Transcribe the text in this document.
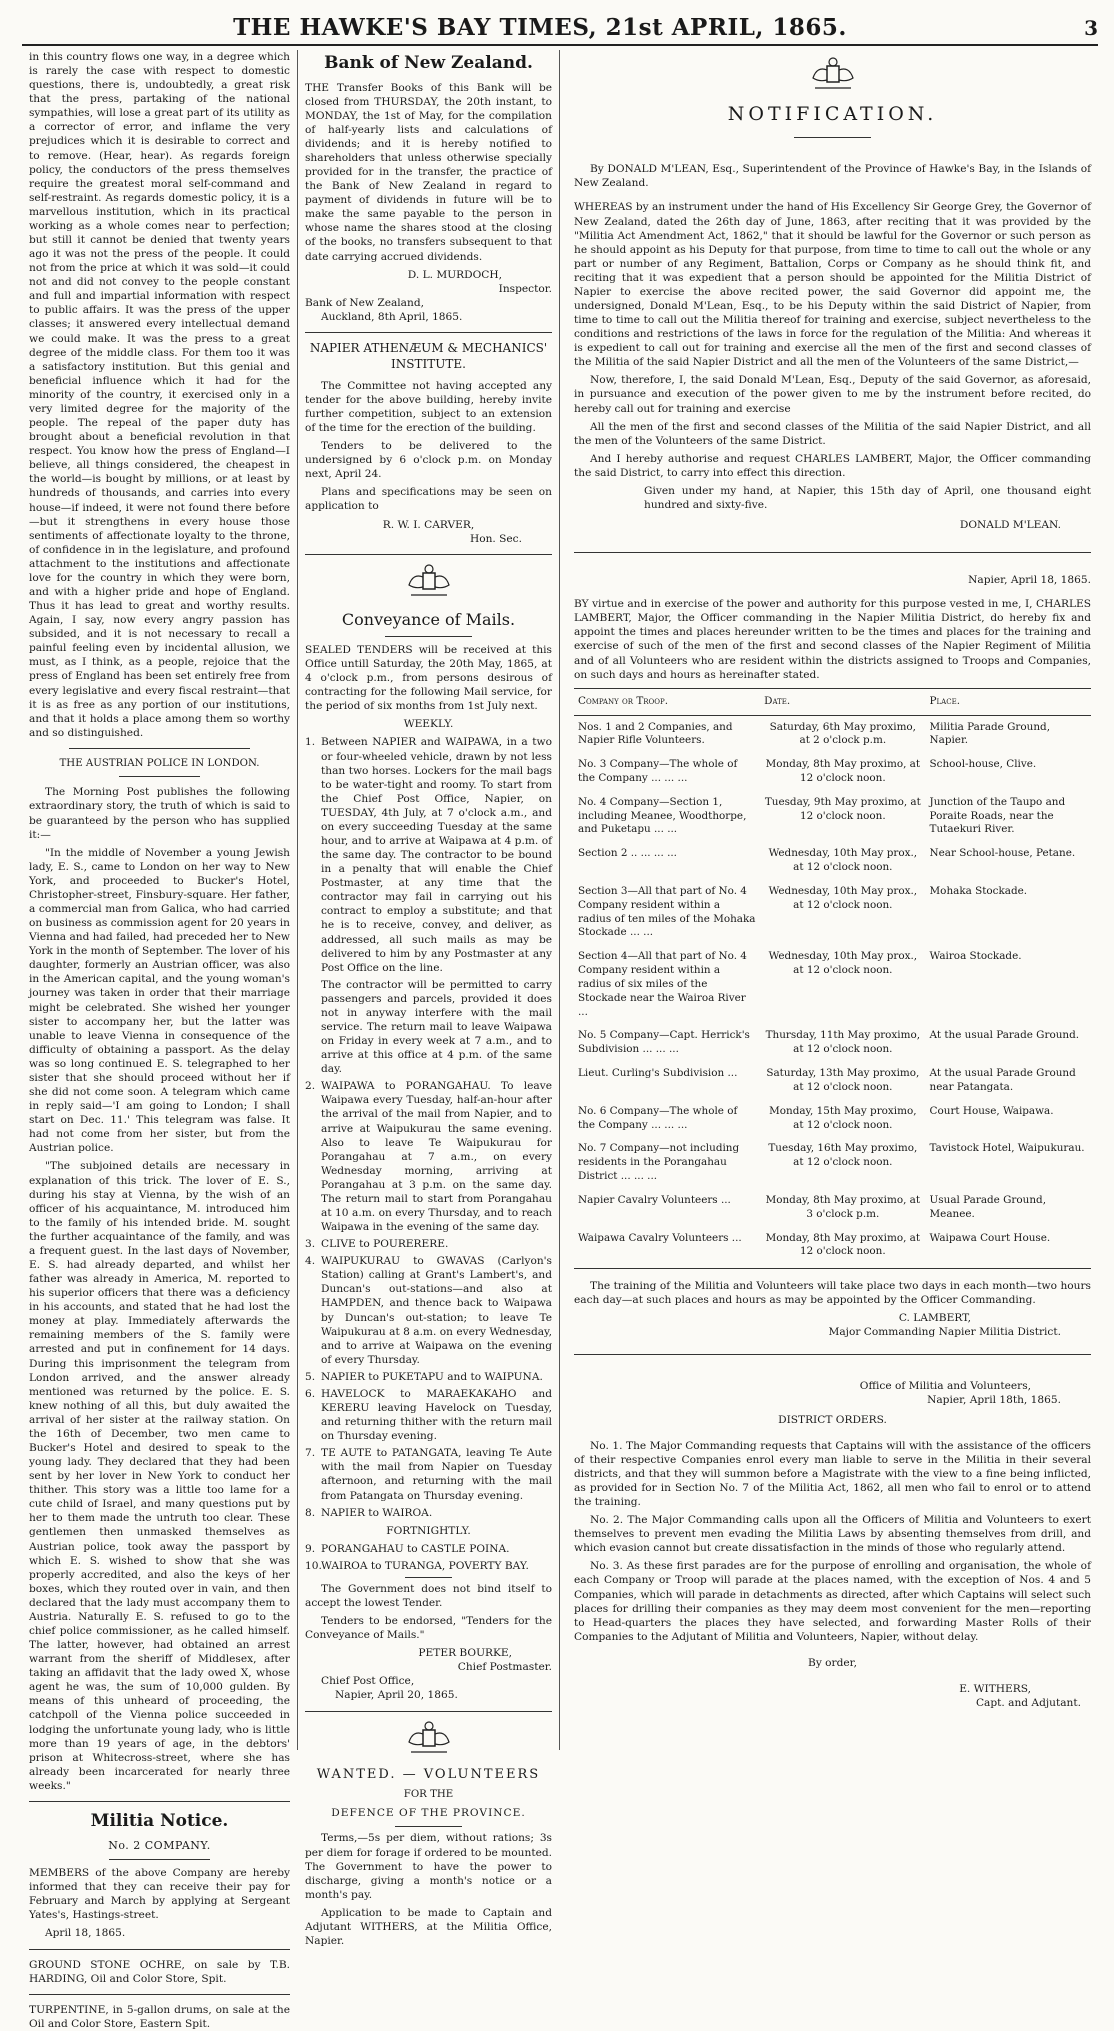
THE HAWKE'S BAY TIMES, 21st APRIL, 1865.	3

in this country flows one way, in a degree which is rarely the case with respect to domestic questions, there is, undoubtedly, a great risk that the press, partaking of the national sympathies, will lose a great part of its utility as a corrector of error, and inflame the very prejudices which it is desirable to correct and to remove. (Hear, hear). As regards foreign policy, the conductors of the press themselves require the greatest moral self-command and self-restraint. As regards domestic policy, it is a marvellous institution, which in its practical working as a whole comes near to perfection; but still it cannot be denied that twenty years ago it was not the press of the people. It could not from the price at which it was sold—it could not and did not convey to the people constant and full and impartial information with respect to public affairs. It was the press of the upper classes; it answered every intellectual demand we could make. It was the press to a great degree of the middle class. For them too it was a satisfactory institution. But this genial and beneficial influence which it had for the minority of the country, it exercised only in a very limited degree for the majority of the people. The repeal of the paper duty has brought about a beneficial revolution in that respect. You know how the press of England—I believe, all things considered, the cheapest in the world—is bought by millions, or at least by hundreds of thousands, and carries into every house—if indeed, it were not found there before—but it strengthens in every house those sentiments of affectionate loyalty to the throne, of confidence in in the legislature, and profound attachment to the institutions and affectionate love for the country in which they were born, and with a higher pride and hope of England. Thus it has lead to great and worthy results. Again, I say, now every angry passion has subsided, and it is not necessary to recall a painful feeling even by incidental allusion, we must, as I think, as a people, rejoice that the press of England has been set entirely free from every legislative and every fiscal restraint—that it is as free as any portion of our institutions, and that it holds a place among them so worthy and so distinguished.

THE AUSTRIAN POLICE IN LONDON.

The Morning Post publishes the following extraordinary story, the truth of which is said to be guaranteed by the person who has supplied it:—

"In the middle of November a young Jewish lady, E. S., came to London on her way to New York, and proceeded to Bucker's Hotel, Christopher-street, Finsbury-square. Her father, a commercial man from Galica, who had carried on business as commission agent for 20 years in Vienna and had failed, had preceded her to New York in the month of September. The lover of his daughter, formerly an Austrian officer, was also in the American capital, and the young woman's journey was taken in order that their marriage might be celebrated. She wished her younger sister to accompany her, but the latter was unable to leave Vienna in consequence of the difficulty of obtaining a passport. As the delay was so long continued E. S. telegraphed to her sister that she should proceed without her if she did not come soon. A telegram which came in reply said—'I am going to London; I shall start on Dec. 11.' This telegram was false. It had not come from her sister, but from the Austrian police.

"The subjoined details are necessary in explanation of this trick. The lover of E. S., during his stay at Vienna, by the wish of an officer of his acquaintance, M. introduced him to the family of his intended bride. M. sought the further acquaintance of the family, and was a frequent guest. In the last days of November, E. S. had already departed, and whilst her father was already in America, M. reported to his superior officers that there was a deficiency in his accounts, and stated that he had lost the money at play. Immediately afterwards the remaining members of the S. family were arrested and put in confinement for 14 days. During this imprisonment the telegram from London arrived, and the answer already mentioned was returned by the police. E. S. knew nothing of all this, but duly awaited the arrival of her sister at the railway station. On the 16th of December, two men came to Bucker's Hotel and desired to speak to the young lady. They declared that they had been sent by her lover in New York to conduct her thither. This story was a little too lame for a cute child of Israel, and many questions put by her to them made the untruth too clear. These gentlemen then unmasked themselves as Austrian police, took away the passport by which E. S. wished to show that she was properly accredited, and also the keys of her boxes, which they routed over in vain, and then declared that the lady must accompany them to Austria. Naturally E. S. refused to go to the chief police commissioner, as he called himself. The latter, however, had obtained an arrest warrant from the sheriff of Middlesex, after taking an affidavit that the lady owed X, whose agent he was, the sum of 10,000 gulden. By means of this unheard of proceeding, the catchpoll of the Vienna police succeeded in lodging the unfortunate young lady, who is little more than 19 years of age, in the debtors' prison at Whitecross-street, where she has already been incarcerated for nearly three weeks."

Militia Notice.
No. 2 COMPANY.

MEMBERS of the above Company are hereby informed that they can receive their pay for February and March by applying at Sergeant Yates's, Hastings-street.

April 18, 1865.

GROUND STONE OCHRE, on sale by T.B. HARDING, Oil and Color Store, Spit.

TURPENTINE, in 5-gallon drums, on sale at the Oil and Color Store, Eastern Spit.

Bank of New Zealand.

THE Transfer Books of this Bank will be closed from THURSDAY, the 20th instant, to MONDAY, the 1st of May, for the compilation of half-yearly lists and calculations of dividends; and it is hereby notified to shareholders that unless otherwise specially provided for in the transfer, the practice of the Bank of New Zealand in regard to payment of dividends in future will be to make the same payable to the person in whose name the shares stood at the closing of the books, no transfers subsequent to that date carrying accrued dividends.

D. L. MURDOCH,
Inspector.
Bank of New Zealand,
Auckland, 8th April, 1865.
NAPIER ATHENÆUM & MECHANICS' INSTITUTE.

The Committee not having accepted any tender for the above building, hereby invite further competition, subject to an extension of the time for the erection of the building.

Tenders to be delivered to the undersigned by 6 o'clock p.m. on Monday next, April 24.

Plans and specifications may be seen on application to

R. W. I. CARVER,
Hon. Sec.
Conveyance of Mails.

SEALED TENDERS will be received at this Office untill Saturday, the 20th May, 1865, at 4 o'clock p.m., from persons desirous of contracting for the following Mail service, for the period of six months from 1st July next.

WEEKLY.
1. Between NAPIER and WAIPAWA, in a two or four-wheeled vehicle, drawn by not less than two horses. Lockers for the mail bags to be water-tight and roomy. To start from the Chief Post Office, Napier, on TUESDAY, 4th July, at 7 o'clock a.m., and on every succeeding Tuesday at the same hour, and to arrive at Waipawa at 4 p.m. of the same day. The contractor to be bound in a penalty that will enable the Chief Postmaster, at any time that the contractor may fail in carrying out his contract to employ a substitute; and that he is to receive, convey, and deliver, as addressed, all such mails as may be delivered to him by any Postmaster at any Post Office on the line.
The contractor will be permitted to carry passengers and parcels, provided it does not in anyway interfere with the mail service. The return mail to leave Waipawa on Friday in every week at 7 a.m., and to arrive at this office at 4 p.m. of the same day.
2. WAIPAWA to PORANGAHAU. To leave Waipawa every Tuesday, half-an-hour after the arrival of the mail from Napier, and to arrive at Waipukurau the same evening. Also to leave Te Waipukurau for Porangahau at 7 a.m., on every Wednesday morning, arriving at Porangahau at 3 p.m. on the same day. The return mail to start from Porangahau at 10 a.m. on every Thursday, and to reach Waipawa in the evening of the same day.
3. CLIVE to POURERERE.
4. WAIPUKURAU to GWAVAS (Carlyon's Station) calling at Grant's Lambert's, and Duncan's out-stations—and also at HAMPDEN, and thence back to Waipawa by Duncan's out-station; to leave Te Waipukurau at 8 a.m. on every Wednesday, and to arrive at Waipawa on the evening of every Thursday.
5. NAPIER to PUKETAPU and to WAIPUNA.
6. HAVELOCK to MARAEKAKAHO and KERERU leaving Havelock on Tuesday, and returning thither with the return mail on Thursday evening.
7. TE AUTE to PATANGATA, leaving Te Aute with the mail from Napier on Tuesday afternoon, and returning with the mail from Patangata on Thursday evening.
8. NAPIER to WAIROA.
FORTNIGHTLY.
9. PORANGAHAU to CASTLE POINA.
10. WAIROA to TURANGA, POVERTY BAY.

The Government does not bind itself to accept the lowest Tender.

Tenders to be endorsed, "Tenders for the Conveyance of Mails."

PETER BOURKE,
Chief Postmaster.
Chief Post Office,
Napier, April 20, 1865.
WANTED. — VOLUNTEERS
FOR THE
DEFENCE OF THE PROVINCE.

Terms,—5s per diem, without rations; 3s per diem for forage if ordered to be mounted. The Government to have the power to discharge, giving a month's notice or a month's pay.

Application to be made to Captain and Adjutant WITHERS, at the Militia Office, Napier.

NOTIFICATION.

By DONALD M'LEAN, Esq., Superintendent of the Province of Hawke's Bay, in the Islands of New Zealand.

WHEREAS by an instrument under the hand of His Excellency Sir George Grey, the Governor of New Zealand, dated the 26th day of June, 1863, after reciting that it was provided by the "Militia Act Amendment Act, 1862," that it should be lawful for the Governor or such person as he should appoint as his Deputy for that purpose, from time to time to call out the whole or any part or number of any Regiment, Battalion, Corps or Company as he should think fit, and reciting that it was expedient that a person should be appointed for the Militia District of Napier to exercise the above recited power, the said Governor did appoint me, the undersigned, Donald M'Lean, Esq., to be his Deputy within the said District of Napier, from time to time to call out the Militia thereof for training and exercise, subject nevertheless to the conditions and restrictions of the laws in force for the regulation of the Militia: And whereas it is expedient to call out for training and exercise all the men of the first and second classes of the Militia of the said Napier District and all the men of the Volunteers of the same District,—

Now, therefore, I, the said Donald M'Lean, Esq., Deputy of the said Governor, as aforesaid, in pursuance and execution of the power given to me by the instrument before recited, do hereby call out for training and exercise

All the men of the first and second classes of the Militia of the said Napier District, and all the men of the Volunteers of the same District.

And I hereby authorise and request CHARLES LAMBERT, Major, the Officer commanding the said District, to carry into effect this direction.

Given under my hand, at Napier, this 15th day of April, one thousand eight hundred and sixty-five.

DONALD M'LEAN.
Napier, April 18, 1865.

BY virtue and in exercise of the power and authority for this purpose vested in me, I, CHARLES LAMBERT, Major, the Officer commanding in the Napier Militia District, do hereby fix and appoint the times and places hereunder written to be the times and places for the training and exercise of such of the men of the first and second classes of the Napier Regiment of Militia and of all Volunteers who are resident within the districts assigned to Troops and Companies, on such days and hours as hereinafter stated.

Company or Troop.	Date.	Place.
Nos. 1 and 2 Companies, and Napier Rifle Volunteers.	Saturday, 6th May proximo, at 2 o'clock p.m.	Militia Parade Ground, Napier.
No. 3 Company—The whole of the Company ... ... ...	Monday, 8th May proximo, at 12 o'clock noon.	School-house, Clive.
No. 4 Company—Section 1, including Meanee, Woodthorpe, and Puketapu ... ...	Tuesday, 9th May proximo, at 12 o'clock noon.	Junction of the Taupo and Poraite Roads, near the Tutaekuri River.
Section 2 .. ... ... ...	Wednesday, 10th May prox., at 12 o'clock noon.	Near School-house, Petane.
Section 3—All that part of No. 4 Company resident within a radius of ten miles of the Mohaka Stockade ... ...	Wednesday, 10th May prox., at 12 o'clock noon.	Mohaka Stockade.
Section 4—All that part of No. 4 Company resident within a radius of six miles of the Stockade near the Wairoa River ...	Wednesday, 10th May prox., at 12 o'clock noon.	Wairoa Stockade.
No. 5 Company—Capt. Herrick's Subdivision ... ... ...	Thursday, 11th May proximo, at 12 o'clock noon.	At the usual Parade Ground.
Lieut. Curling's Subdivision ...	Saturday, 13th May proximo, at 12 o'clock noon.	At the usual Parade Ground near Patangata.
No. 6 Company—The whole of the Company ... ... ...	Monday, 15th May proximo, at 12 o'clock noon.	Court House, Waipawa.
No. 7 Company—not including residents in the Porangahau District ... ... ...	Tuesday, 16th May proximo, at 12 o'clock noon.	Tavistock Hotel, Waipukurau.
Napier Cavalry Volunteers ...	Monday, 8th May proximo, at 3 o'clock p.m.	Usual Parade Ground, Meanee.
Waipawa Cavalry Volunteers ...	Monday, 8th May proximo, at 12 o'clock noon.	Waipawa Court House.

The training of the Militia and Volunteers will take place two days in each month—two hours each day—at such places and hours as may be appointed by the Officer Commanding.

C. LAMBERT,
Major Commanding Napier Militia District.
Office of Militia and Volunteers,
Napier, April 18th, 1865.
DISTRICT ORDERS.

No. 1. The Major Commanding requests that Captains will with the assistance of the officers of their respective Companies enrol every man liable to serve in the Militia in their several districts, and that they will summon before a Magistrate with the view to a fine being inflicted, as provided for in Section No. 7 of the Militia Act, 1862, all men who fail to enrol or to attend the training.

No. 2. The Major Commanding calls upon all the Officers of Militia and Volunteers to exert themselves to prevent men evading the Militia Laws by absenting themselves from drill, and which evasion cannot but create dissatisfaction in the minds of those who regularly attend.

No. 3. As these first parades are for the purpose of enrolling and organisation, the whole of each Company or Troop will parade at the places named, with the exception of Nos. 4 and 5 Companies, which will parade in detachments as directed, after which Captains will select such places for drilling their companies as they may deem most convenient for the men—reporting to Head-quarters the places they have selected, and forwarding Master Rolls of their Companies to the Adjutant of Militia and Volunteers, Napier, without delay.

By order,
E. WITHERS,
Capt. and Adjutant.
